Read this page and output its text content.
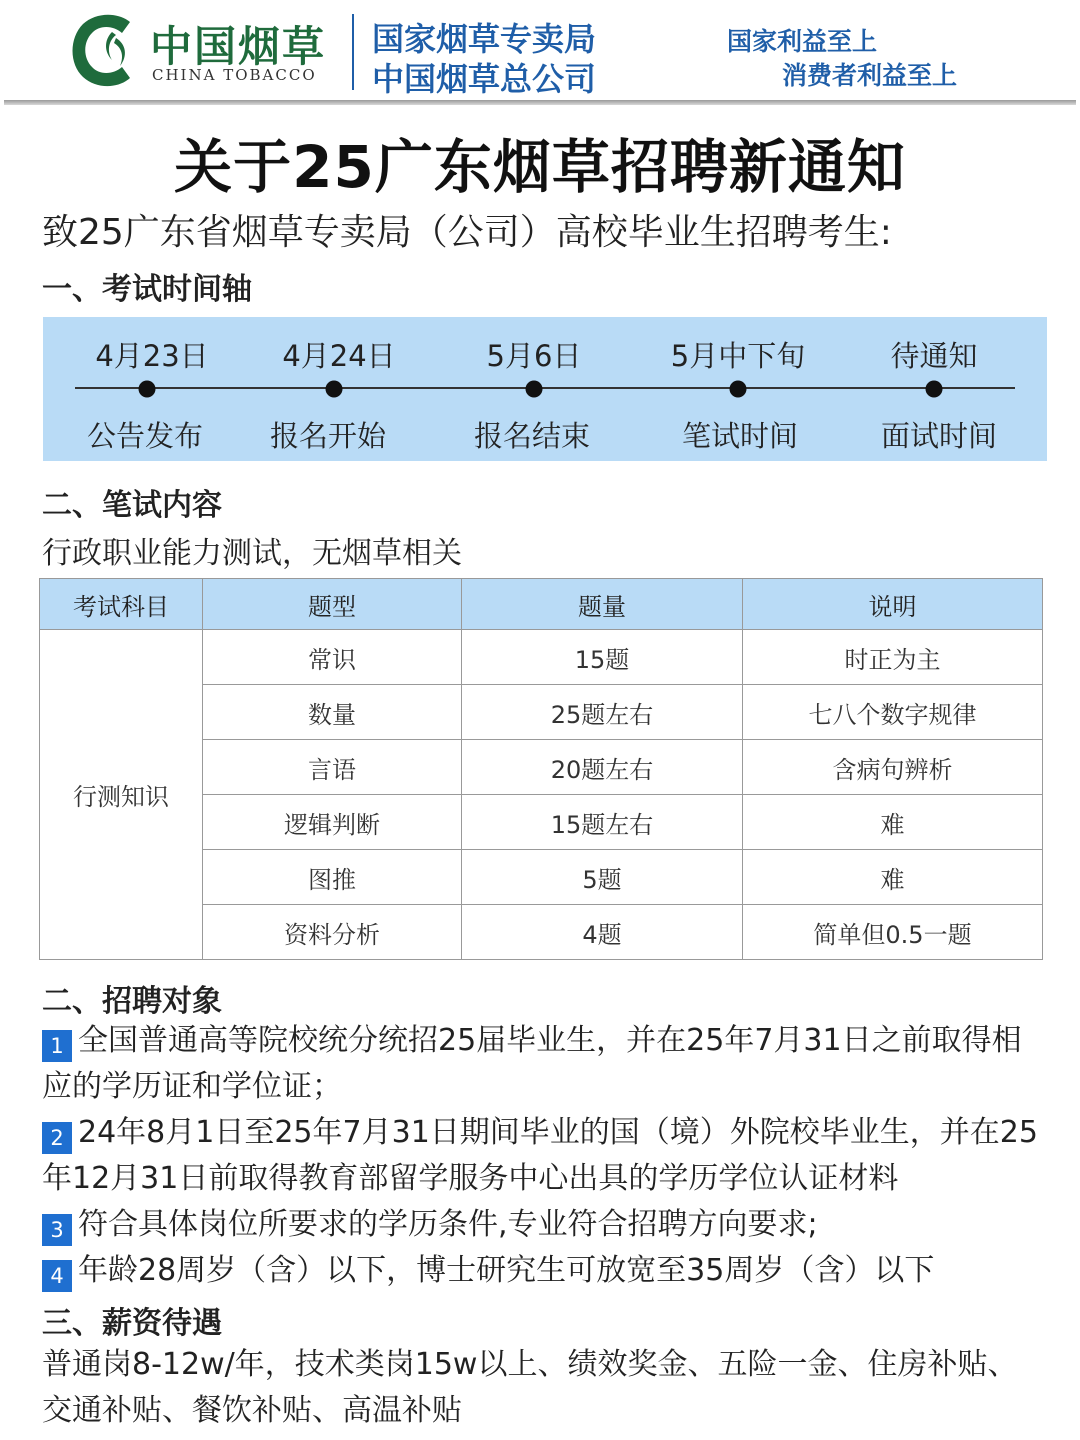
中国烟草
CHINA TOBACCO
国家烟草专卖局
中国烟草总公司
国家利益至上
消费者利益至上
关于25广东烟草招聘新通知
致25广东省烟草专卖局（公司）高校毕业生招聘考生:
一、考试时间轴
4月23日
公告发布
4月24日
报名开始
5月6日
报名结束
5月中下旬
笔试时间
待通知
面试时间
二、笔试内容
行政职业能力测试，无烟草相关
考试科目	题型	题量	说明
行测知识	常识	15题	时正为主
	数量	25题左右	七八个数字规律
	言语	20题左右	含病句辨析
	逻辑判断	15题左右	难
	图推	5题	难
	资料分析	4题	简单但0.5一题
二、招聘对象
1 全国普通高等院校统分统招25届毕业生，并在25年7月31日之前取得相应的学历证和学位证；
2 24年8月1日至25年7月31日期间毕业的国（境）外院校毕业生，并在25年12月31日前取得教育部留学服务中心出具的学历学位认证材料
3 符合具体岗位所要求的学历条件,专业符合招聘方向要求;
4 年龄28周岁（含）以下，博士研究生可放宽至35周岁（含）以下
三、薪资待遇
普通岗8-12w/年，技术类岗15w以上、绩效奖金、五险一金、住房补贴、交通补贴、餐饮补贴、高温补贴
